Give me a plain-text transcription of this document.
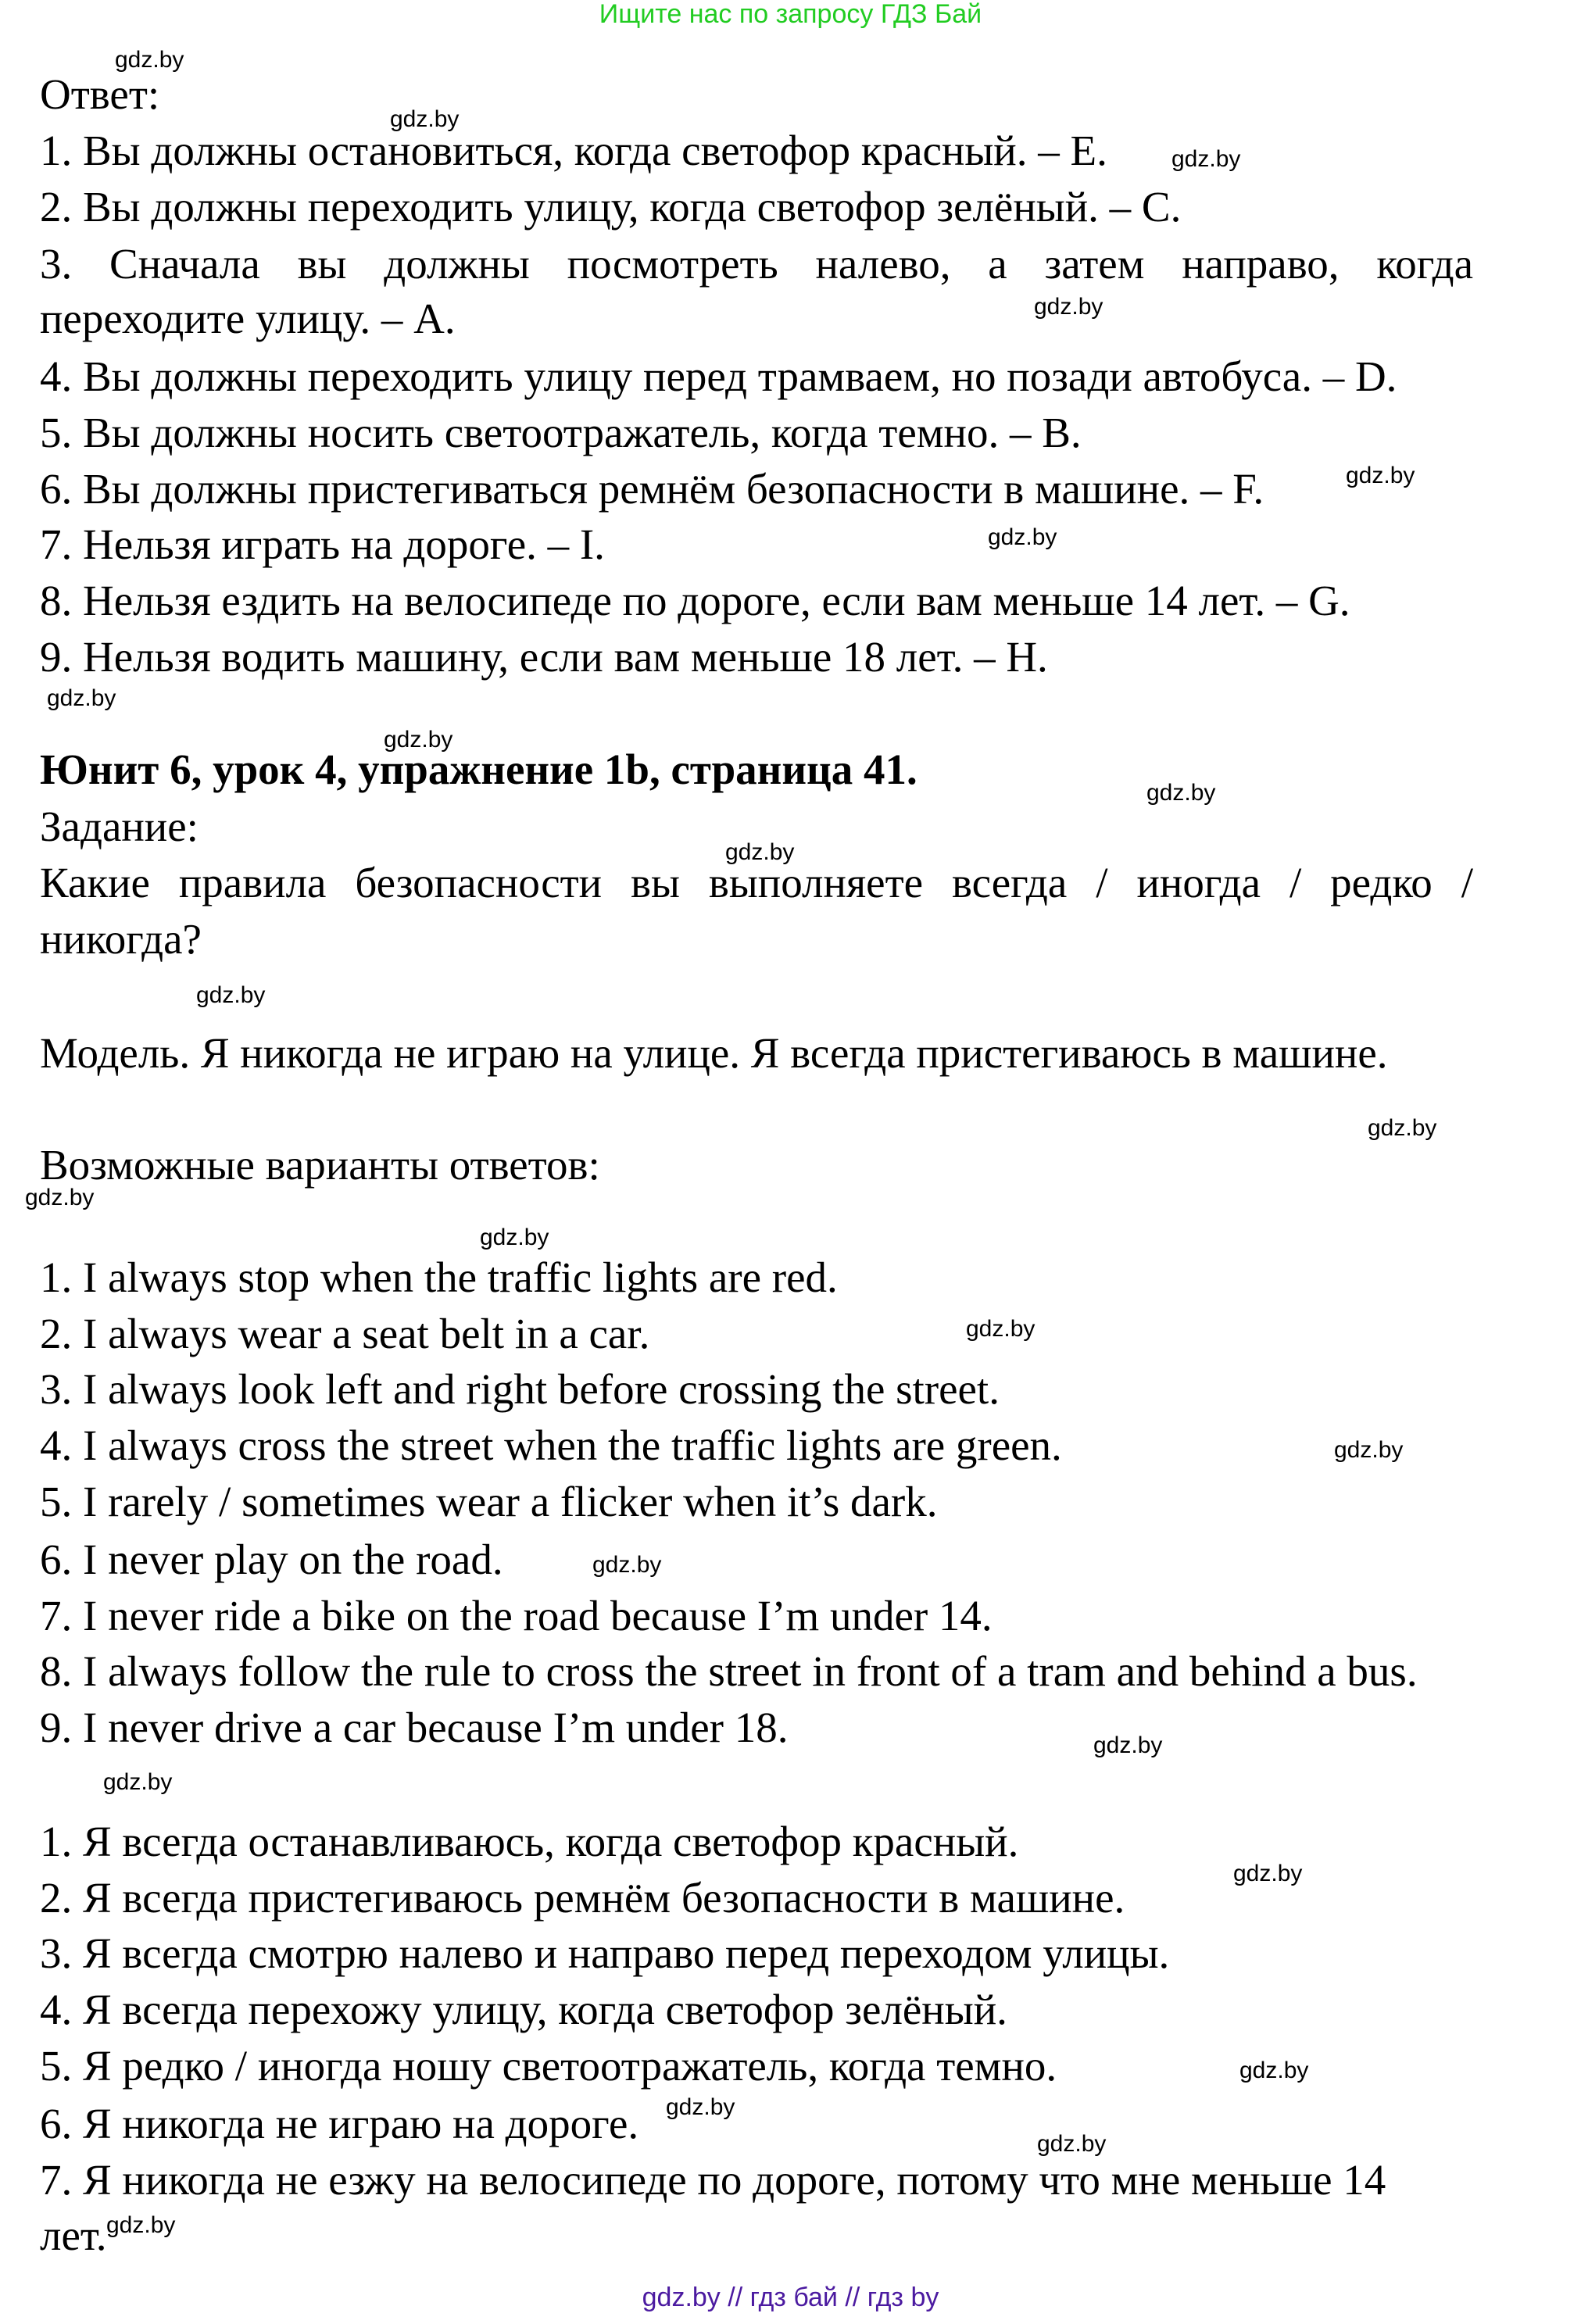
Ищите нас по запросу ГДЗ Бай
Ответ:
1. Вы должны остановиться, когда светофор красный. – E.
2. Вы должны переходить улицу, когда светофор зелёный. – C.
3. Сначала вы должны посмотреть налево, а затем направо, когда
переходите улицу. – A.
4. Вы должны переходить улицу перед трамваем, но позади автобуса. – D.
5. Вы должны носить светоотражатель, когда темно. – B.
6. Вы должны пристегиваться ремнём безопасности в машине. – F.
7. Нельзя играть на дороге. – I.
8. Нельзя ездить на велосипеде по дороге, если вам меньше 14 лет. – G.
9. Нельзя водить машину, если вам меньше 18 лет. – H.
Юнит 6, урок 4, упражнение 1b, страница 41.
Задание:
Какие правила безопасности вы выполняете всегда / иногда / редко /
никогда?
Модель. Я никогда не играю на улице. Я всегда пристегиваюсь в машине.
Возможные варианты ответов:
1. I always stop when the traffic lights are red.
2. I always wear a seat belt in a car.
3. I always look left and right before crossing the street.
4. I always cross the street when the traffic lights are green.
5. I rarely / sometimes wear a flicker when it’s dark.
6. I never play on the road.
7. I never ride a bike on the road because I’m under 14.
8. I always follow the rule to cross the street in front of a tram and behind a bus.
9. I never drive a car because I’m under 18.
1. Я всегда останавливаюсь, когда светофор красный.
2. Я всегда пристегиваюсь ремнём безопасности в машине.
3. Я всегда смотрю налево и направо перед переходом улицы.
4. Я всегда перехожу улицу, когда светофор зелёный.
5. Я редко / иногда ношу светоотражатель, когда темно.
6. Я никогда не играю на дороге.
7. Я никогда не езжу на велосипеде по дороге, потому что мне меньше 14
лет.
gdz.by
gdz.by
gdz.by
gdz.by
gdz.by
gdz.by
gdz.by
gdz.by
gdz.by
gdz.by
gdz.by
gdz.by
gdz.by
gdz.by
gdz.by
gdz.by
gdz.by
gdz.by
gdz.by
gdz.by
gdz.by
gdz.by
gdz.by
gdz.by
gdz.by // гдз бай // гдз by
